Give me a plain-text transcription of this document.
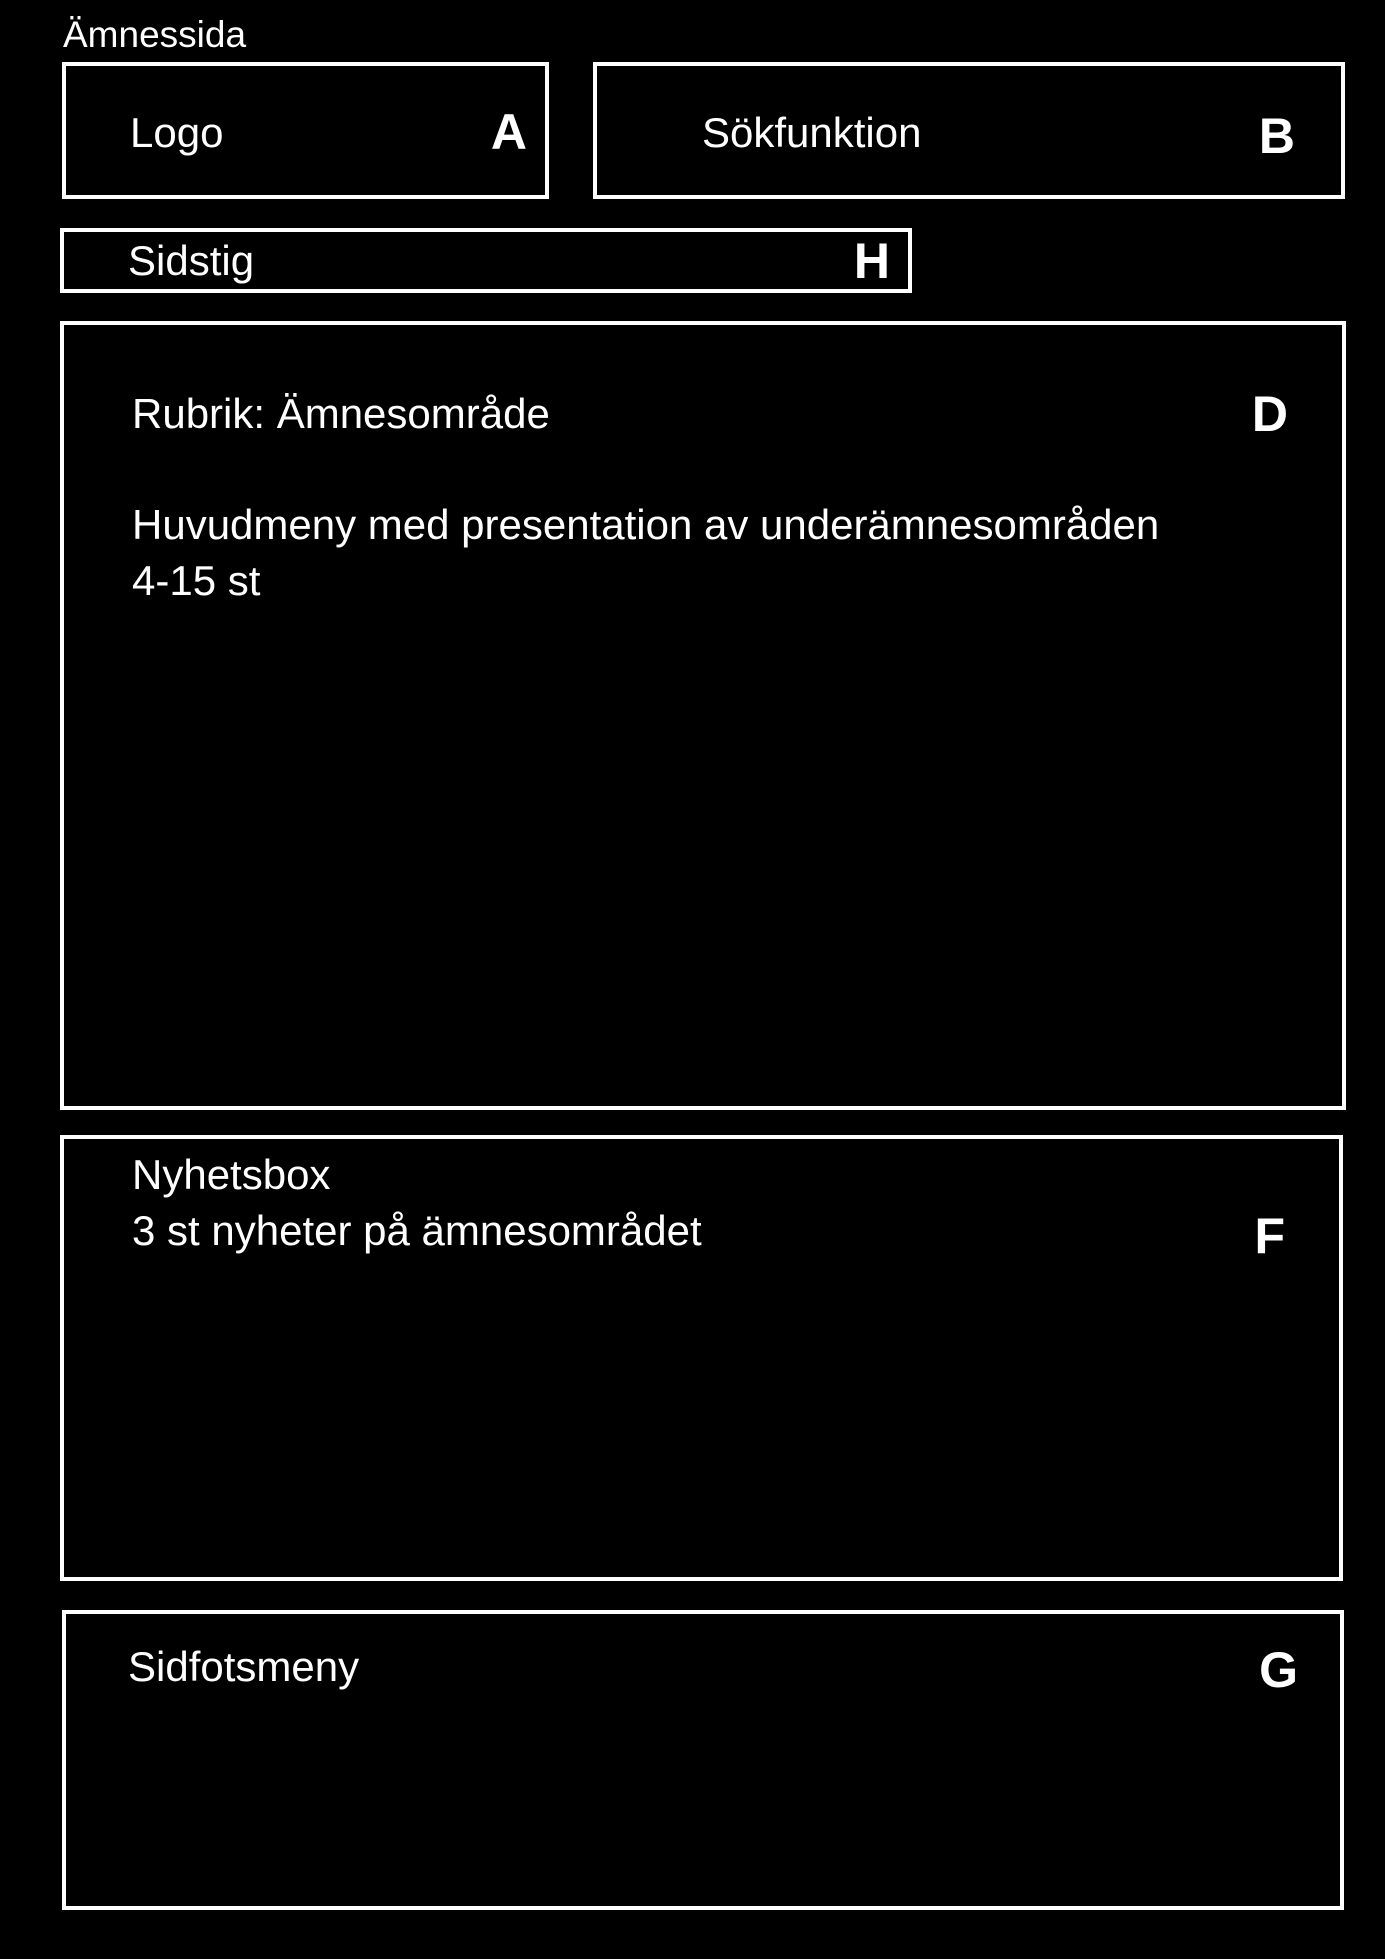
Ämnessida
Logo	A	Sökfunktion	B
Sidstig	H
Rubrik: Ämnesområde	D
Huvudmeny med presentation av underämnesområden
4-15 st
Nyhetsbox
3 st nyheter på ämnesområdet	F
Sidfotsmeny	G
